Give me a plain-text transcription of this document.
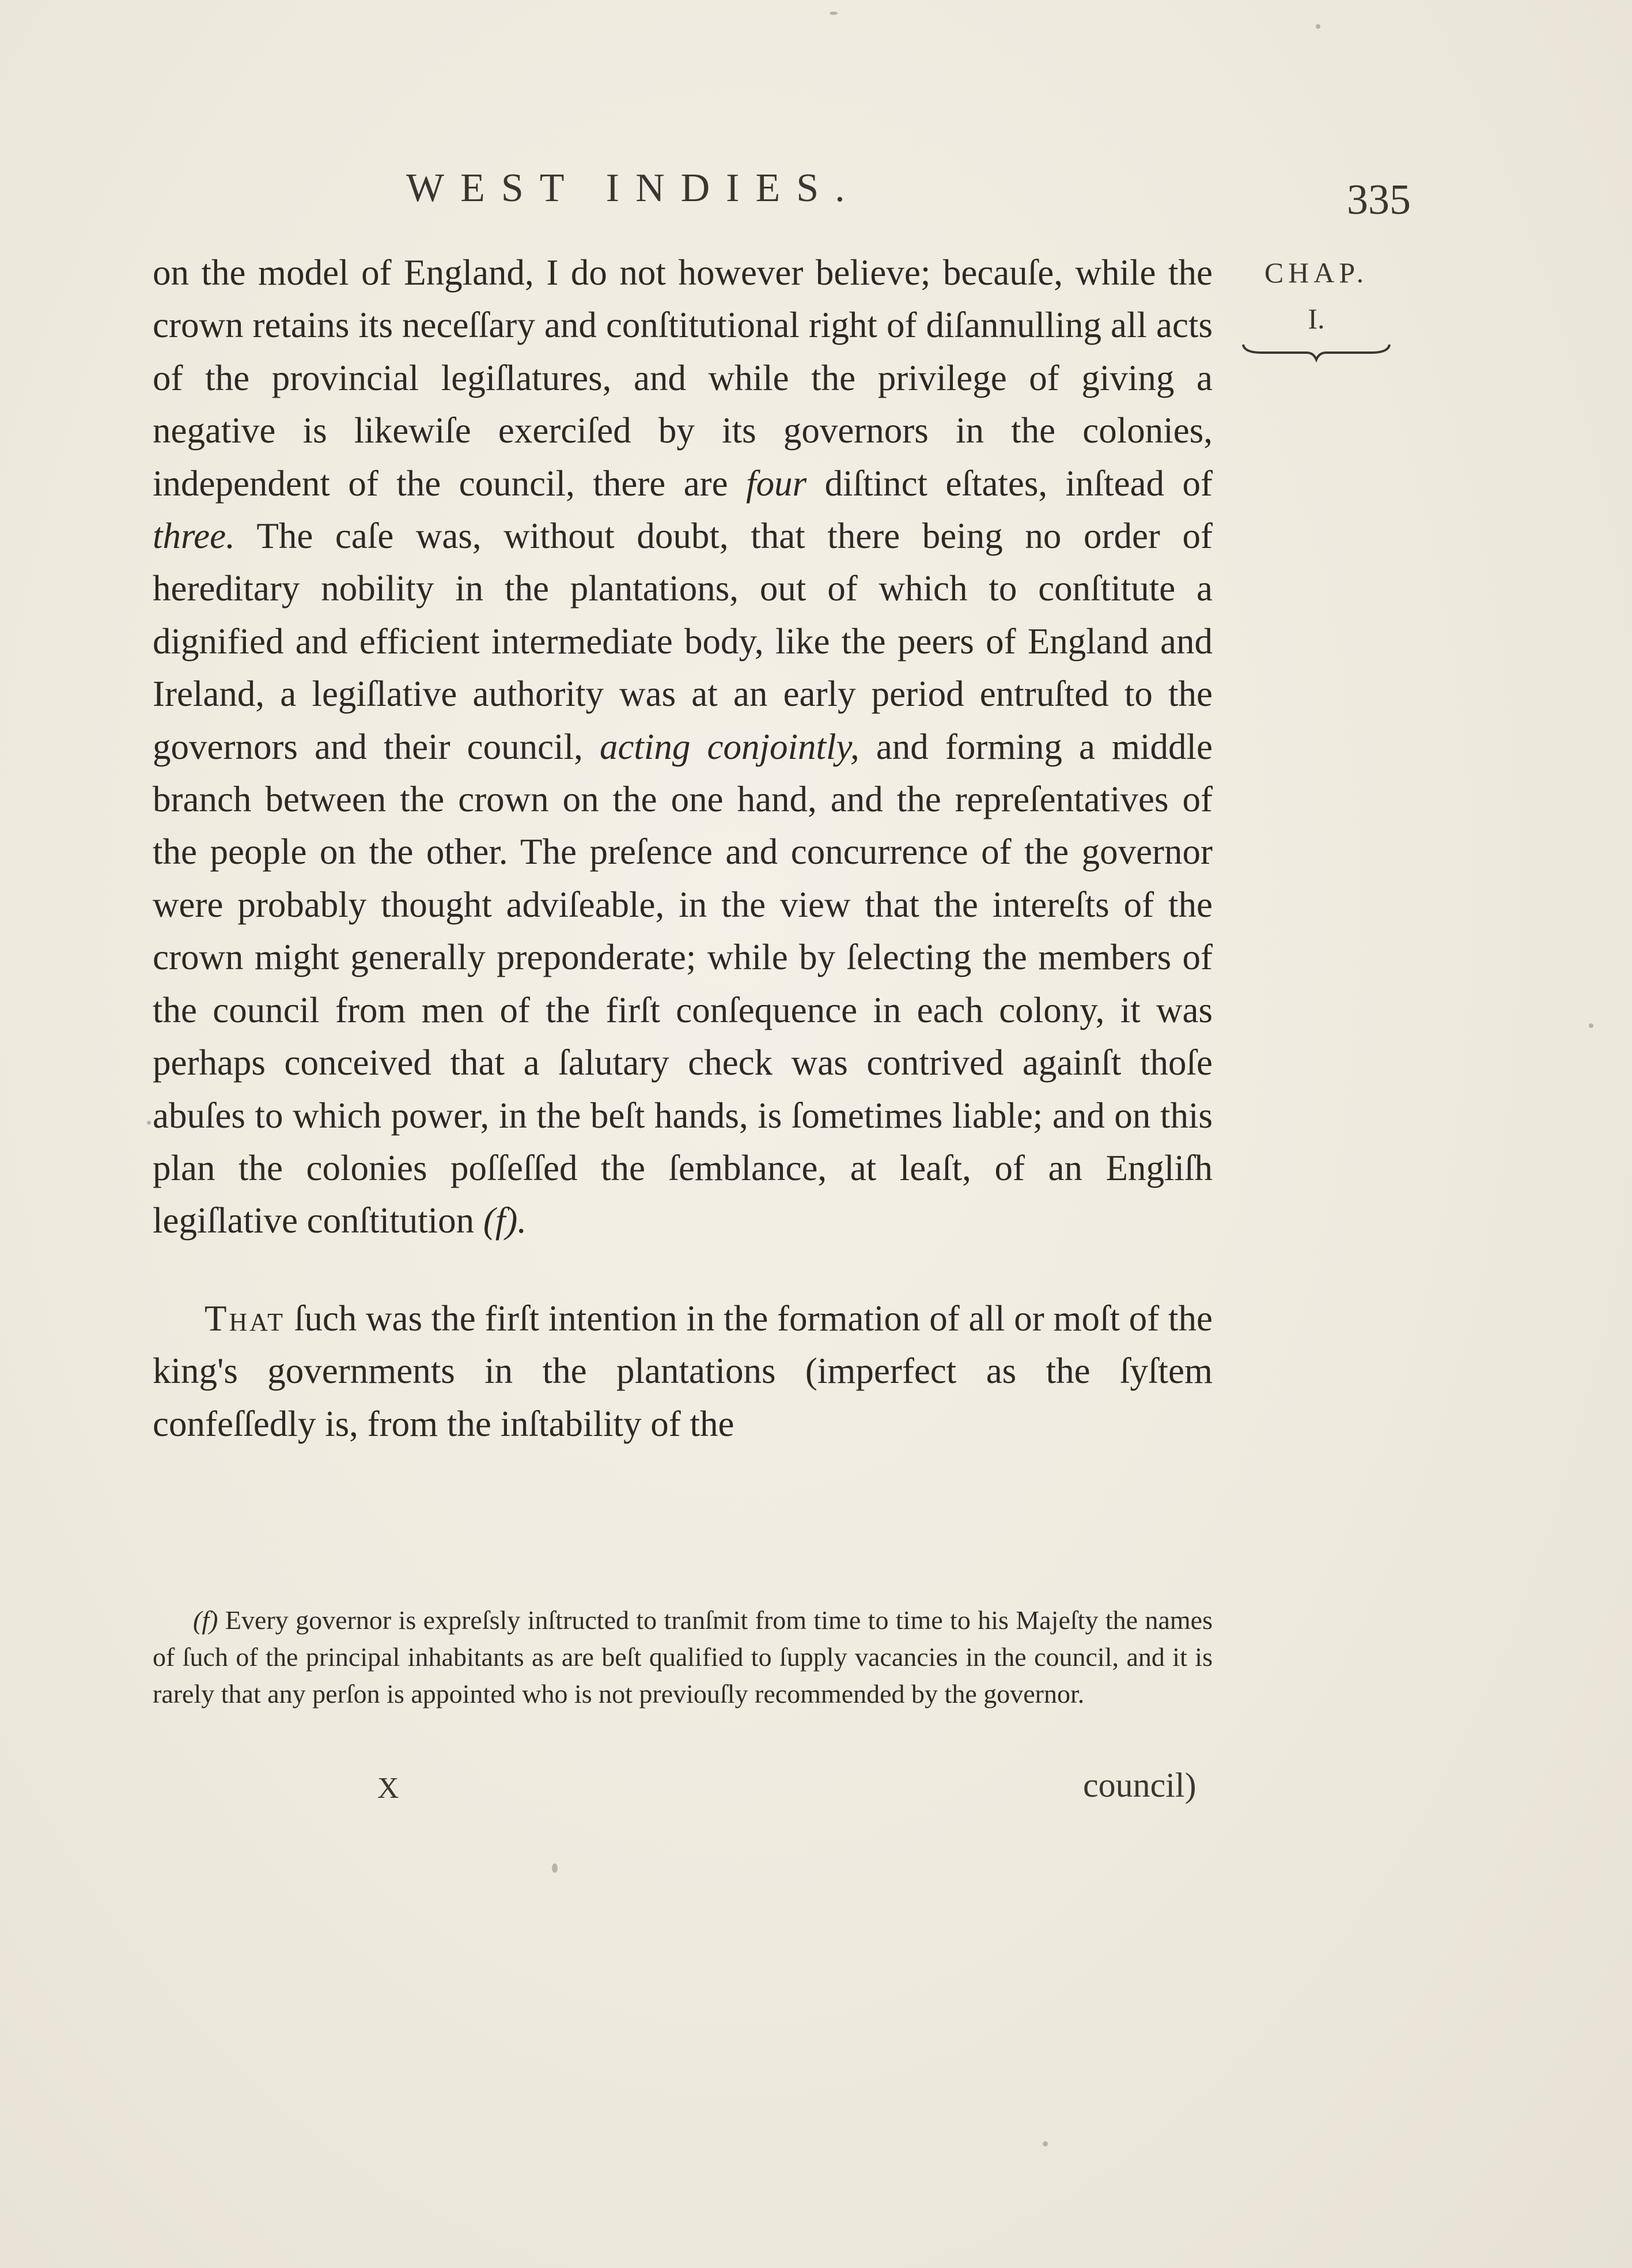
WEST INDIES.	335
CHAP.
I.

on the model of England, I do not however believe; becauſe, while the crown retains its neceſſary and conſtitutional right of diſannulling all acts of the provincial legiſlatures, and while the privilege of giving a negative is likewiſe exerciſed by its governors in the colonies, independent of the council, there are four diſtinct eſtates, inſtead of three. The caſe was, without doubt, that there being no order of hereditary nobility in the plantations, out of which to conſtitute a dignified and efficient intermediate body, like the peers of England and Ireland, a legiſlative authority was at an early period entruſted to the governors and their council, acting conjointly, and forming a middle branch between the crown on the one hand, and the repreſentatives of the people on the other. The preſence and concurrence of the governor were probably thought adviſeable, in the view that the intereſts of the crown might generally preponderate; while by ſelecting the members of the council from men of the firſt conſequence in each colony, it was perhaps conceived that a ſalutary check was contrived againſt thoſe abuſes to which power, in the beſt hands, is ſometimes liable; and on this plan the colonies poſſeſſed the ſemblance, at leaſt, of an Engliſh legiſlative conſtitution (f).

That ſuch was the firſt intention in the formation of all or moſt of the king's governments in the plantations (imperfect as the ſyſtem confeſſedly is, from the inſtability of the

(f) Every governor is expreſsly inſtructed to tranſmit from time to time to his Majeſty the names of ſuch of the principal inhabitants as are beſt qualified to ſupply vacancies in the council, and it is rarely that any perſon is appointed who is not previouſly recommended by the governor.

X	council)
